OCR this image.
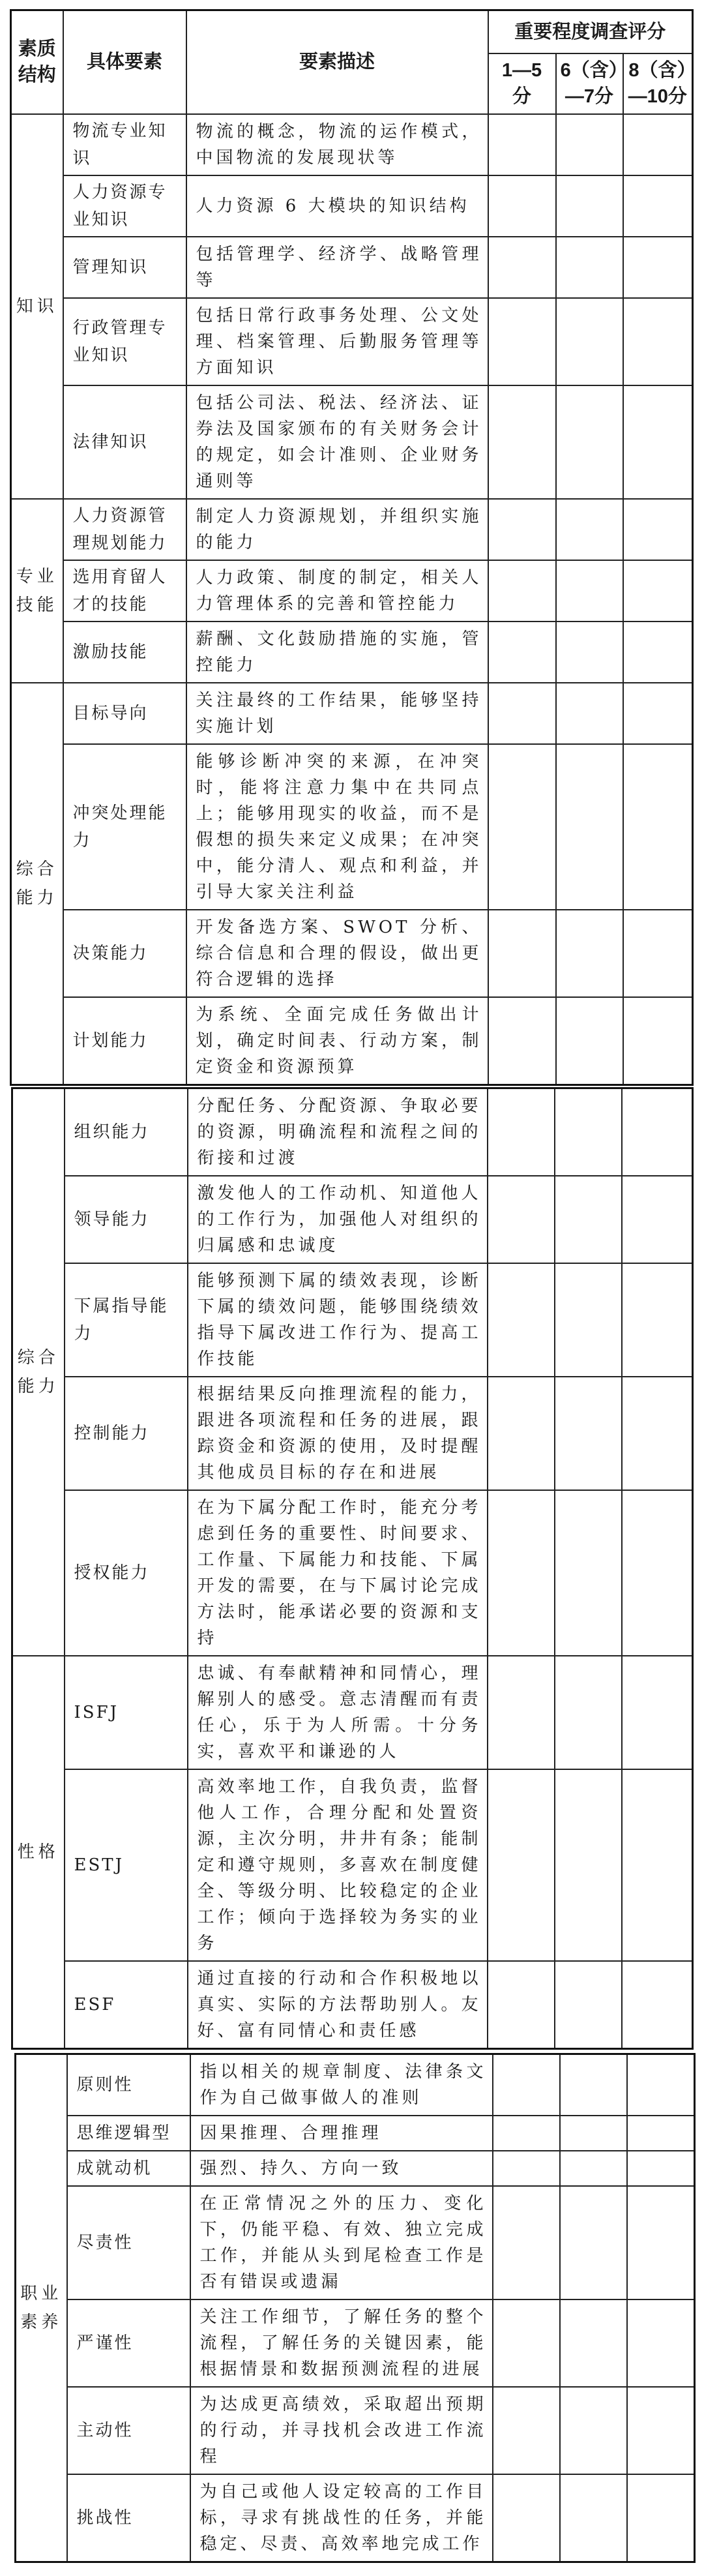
素质结构	具体要素	要素描述	重要程度调查评分		
			1—5分	6（含）—7分	8（含）—10分
知识	物流专业知识	物流的概念，物流的运作模式，中国物流的发展现状等			
	人力资源专业知识	人力资源 6 大模块的知识结构			
	管理知识	包括管理学、经济学、战略管理等			
	行政管理专业知识	包括日常行政事务处理、公文处理、档案管理、后勤服务管理等方面知识			
	法律知识	包括公司法、税法、经济法、证券法及国家颁布的有关财务会计的规定，如会计准则、企业财务通则等			
专业技能	人力资源管理规划能力	制定人力资源规划，并组织实施的能力			
	选用育留人才的技能	人力政策、制度的制定，相关人力管理体系的完善和管控能力			
	激励技能	薪酬、文化鼓励措施的实施，管控能力			
综合能力	目标导向	关注最终的工作结果，能够坚持实施计划			
	冲突处理能力	能够诊断冲突的来源，在冲突时，能将注意力集中在共同点上；能够用现实的收益，而不是假想的损失来定义成果；在冲突中，能分清人、观点和利益，并引导大家关注利益			
	决策能力	开发备选方案、SWOT 分析、综合信息和合理的假设，做出更符合逻辑的选择			
	计划能力	为系统、全面完成任务做出计划，确定时间表、行动方案，制定资金和资源预算			
综合能力	组织能力	分配任务、分配资源、争取必要的资源，明确流程和流程之间的衔接和过渡			
	领导能力	激发他人的工作动机、知道他人的工作行为，加强他人对组织的归属感和忠诚度			
	下属指导能力	能够预测下属的绩效表现，诊断下属的绩效问题，能够围绕绩效指导下属改进工作行为、提高工作技能			
	控制能力	根据结果反向推理流程的能力，跟进各项流程和任务的进展，跟踪资金和资源的使用，及时提醒其他成员目标的存在和进展			
	授权能力	在为下属分配工作时，能充分考虑到任务的重要性、时间要求、工作量、下属能力和技能、下属开发的需要，在与下属讨论完成方法时，能承诺必要的资源和支持			
性格	ISFJ	忠诚、有奉献精神和同情心，理解别人的感受。意志清醒而有责任心，乐于为人所需。十分务实，喜欢平和谦逊的人			
	ESTJ	高效率地工作，自我负责，监督他人工作，合理分配和处置资源，主次分明，井井有条；能制定和遵守规则，多喜欢在制度健全、等级分明、比较稳定的企业工作；倾向于选择较为务实的业务			
	ESF	通过直接的行动和合作积极地以真实、实际的方法帮助别人。友好、富有同情心和责任感			
职业素养	原则性	指以相关的规章制度、法律条文作为自己做事做人的准则			
	思维逻辑型	因果推理、合理推理			
	成就动机	强烈、持久、方向一致			
	尽责性	在正常情况之外的压力、变化下，仍能平稳、有效、独立完成工作，并能从头到尾检查工作是否有错误或遗漏			
	严谨性	关注工作细节，了解任务的整个流程，了解任务的关键因素，能根据情景和数据预测流程的进展			
	主动性	为达成更高绩效，采取超出预期的行动，并寻找机会改进工作流程			
	挑战性	为自己或他人设定较高的工作目标，寻求有挑战性的任务，并能稳定、尽责、高效率地完成工作			
